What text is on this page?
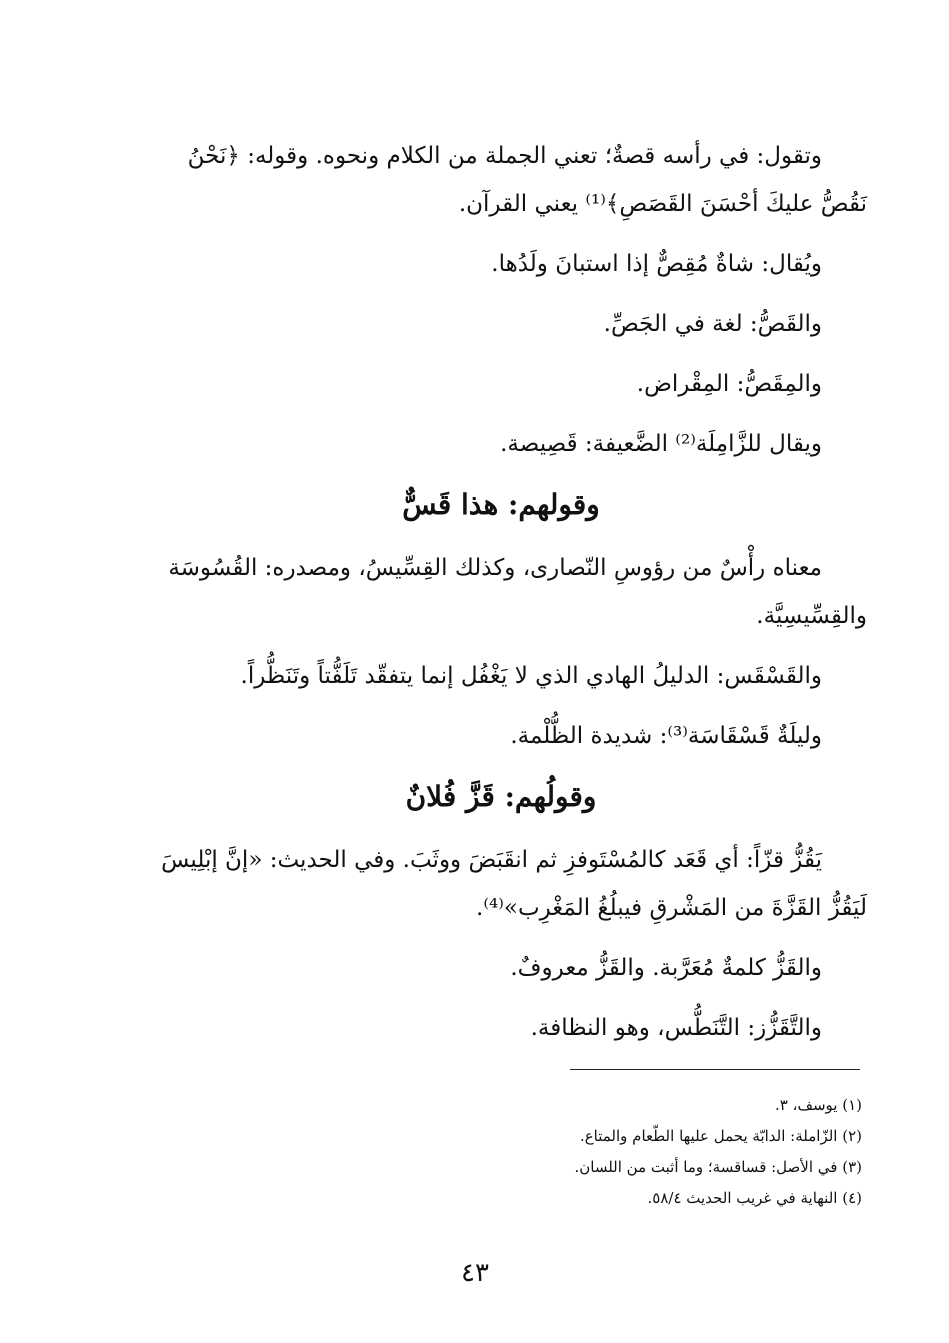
وتقول: في رأسه قصةٌ؛ تعني الجملة من الكلام ونحوه. وقوله: ﴿نَحْنُ نَقُصُّ عليكَ أحْسَنَ القَصَصِ﴾⁽¹⁾ يعني القرآن.

ويُقال: شاةٌ مُقِصٌّ إذا استبانَ ولَدُها.

والقَصُّ: لغة في الجَصِّ.

والمِقَصُّ: المِقْراض.

ويقال للزَّامِلَة⁽²⁾ الضَّعيفة: قَصِيصة.

وقولهم: هذا قَسٌّ

معناه رأْسٌ من رؤوسِ النّصارى، وكذلك القِسِّيسُ، ومصدره: القُسُوسَة والقِسِّيسِيَّة.

والقَسْقَس: الدليلُ الهادي الذي لا يَغْفُل إنما يتفقّد تَلَفُّتاً وتَنَظُّراً.

وليلَةٌ قَسْقَاسَة⁽³⁾: شديدة الظُّلْمة.

وقولُهم: قَزَّ فُلانٌ

يَقُزُّ قزّاً: أي قَعَد كالمُسْتَوفزِ ثم انقَبَضَ ووثَبَ. وفي الحديث: «إنَّ إبْلِيسَ لَيَقُزُّ القَزَّةَ من المَشْرقِ فيبلُغُ المَغْرِب»⁽⁴⁾.

والقَزُّ كلمةٌ مُعَرَّبة. والقَزُّ معروفٌ.

والتَّقَزُّز: التَّنَطُّس، وهو النظافة.

(١) يوسف، ٣.

(٢) الزّاملة: الدابّة يحمل عليها الطّعام والمتاع.

(٣) في الأصل: قساقسة؛ وما أثبت من اللسان.

(٤) النهاية في غريب الحديث ٥٨/٤.

٤٣
